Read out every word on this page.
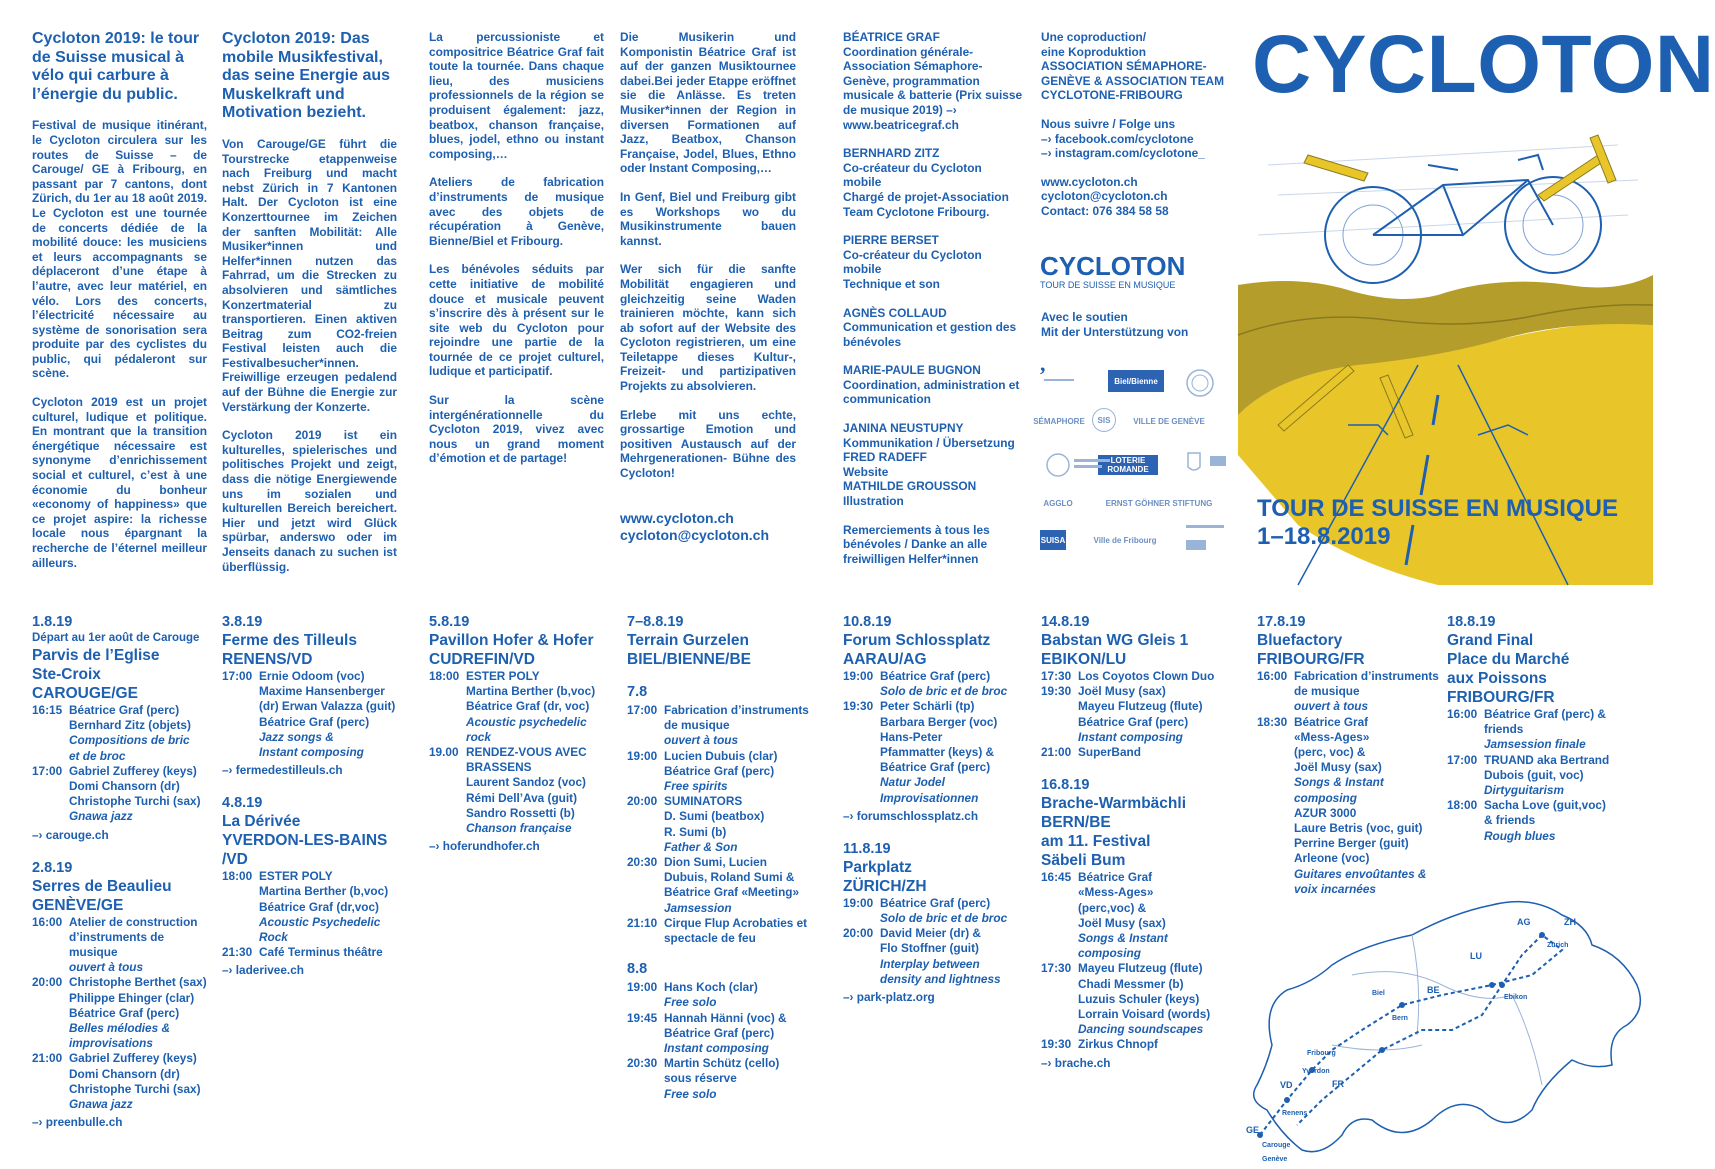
Cycloton 2019: le tour de Suisse musical à vélo qui carbure à l’énergie du public.
Festival de musique itinérant, le Cycloton circulera sur les routes de Suisse – de Carouge/ GE à Fribourg, en passant par 7 cantons, dont Zürich, du 1er au 18 août 2019. Le Cycloton est une tournée de concerts dédiée de la mobilité douce: les musiciens et leurs accompagnants se déplaceront d’une étape à l’autre, avec leur matériel, en vélo. Lors des concerts, l’électricité nécessaire au système de sonorisation sera produite par des cyclistes du public, qui pédaleront sur scène.
Cycloton 2019 est un projet culturel, ludique et politique. En montrant que la transition énergétique nécessaire est synonyme d’enrichissement social et culturel, c’est à une économie du bonheur «economy of happiness» que ce projet aspire: la richesse locale nous épargnant la recherche de l’éternel meilleur ailleurs.
Cycloton 2019: Das mobile Musikfestival, das seine Energie aus Muskelkraft und Motivation bezieht.
Von Carouge/GE führt die Tourstrecke etappenweise nach Freiburg und macht nebst Zürich in 7 Kantonen Halt. Der Cycloton ist eine Konzerttournee im Zeichen der sanften Mobilität: Alle Musiker*innen und Helfer*innen nutzen das Fahrrad, um die Strecken zu absolvieren und sämtliches Konzertmaterial zu transportieren. Einen aktiven Beitrag zum CO2-freien Festival leisten auch die Festivalbesucher*innen. Freiwillige erzeugen pedalend auf der Bühne die Energie zur Verstärkung der Konzerte.
Cycloton 2019 ist ein kulturelles, spielerisches und politisches Projekt und zeigt, dass die nötige Energiewende uns im sozialen und kulturellen Bereich bereichert. Hier und jetzt wird Glück spürbar, anderswo oder im Jenseits danach zu suchen ist überflüssig.
La percussioniste et compositrice Béatrice Graf fait toute la tournée. Dans chaque lieu, des musiciens professionnels de la région se produisent également: jazz, beatbox, chanson française, blues, jodel, ethno ou instant composing,…
Ateliers de fabrication d’instruments de musique avec des objets de récupération à Genève, Bienne/Biel et Fribourg.
Les bénévoles séduits par cette initiative de mobilité douce et musicale peuvent s’inscrire dès à présent sur le site web du Cycloton pour rejoindre une partie de la tournée de ce projet culturel, ludique et participatif.
Sur la scène intergénérationnelle du Cycloton 2019, vivez avec nous un grand moment d’émotion et de partage!
Die Musikerin und Komponistin Béatrice Graf ist auf der ganzen Musiktournee dabei.Bei jeder Etappe eröffnet sie die Anlässe. Es treten Musiker*innen der Region in diversen Formationen auf Jazz, Beatbox, Chanson Française, Jodel, Blues, Ethno oder Instant Composing,…
In Genf, Biel und Freiburg gibt es Workshops wo du Musikinstrumente bauen kannst.
Wer sich für die sanfte Mobilität engagieren und gleichzeitig seine Waden trainieren möchte, kann sich ab sofort auf der Website des Cycloton registrieren, um eine Teiletappe dieses Kultur-, Freizeit- und partizipativen Projekts zu absolvieren.
Erlebe mit uns echte, grossartige Emotion und positiven Austausch auf der Mehrgenerationen- Bühne des Cycloton!
www.cycloton.ch
cycloton@cycloton.ch
BÉATRICE GRAF
Coordination générale-Association Sémaphore-Genève, programmation musicale & batterie (Prix suisse de musique 2019) –› www.beatricegraf.ch
BERNHARD ZITZ
Co-créateur du Cycloton mobile
Chargé de projet-Association Team Cyclotone Fribourg.
PIERRE BERSET
Co-créateur du Cycloton mobile
Technique et son
AGNÈS COLLAUD
Communication et gestion des bénévoles
MARIE-PAULE BUGNON
Coordination, administration et communication
JANINA NEUSTUPNY
Kommunikation / Übersetzung
FRED RADEFF
Website
MATHILDE GROUSSON
Illustration
Remerciements à tous les bénévoles / Danke an alle freiwilligen Helfer*innen
Une coproduction/
eine Koproduktion
ASSOCIATION SÉMAPHORE-GENÈVE & ASSOCIATION TEAM CYCLOTONE-FRIBOURG
Nous suivre / Folge uns
–› facebook.com/cyclotone
–› instagram.com/cyclotone_
www.cycloton.ch
cycloton@cycloton.ch
Contact: 076 384 58 58
CYCLOTON
TOUR DE SUISSE EN MUSIQUE
Avec le soutien
Mit der Unterstützung von
Biel/Bienne
SÉMAPHORE	SIS	VILLE DE GENÈVE
LOTERIE ROMANDE
AGGLO	ERNST GÖHNER STIFTUNG
SUISA	Ville de Fribourg
,
CYCLOTON
TOUR DE SUISSE EN MUSIQUE
1–18.8.2019
1.8.19
Départ au 1er août de Carouge
Parvis de l’Eglise
Ste-Croix
CAROUGE/GE
16:15 Béatrice Graf (perc)
Bernhard Zitz (objets)
Compositions de bric
et de broc
17:00 Gabriel Zufferey (keys)
Domi Chansorn (dr)
Christophe Turchi (sax)
Gnawa jazz
–› carouge.ch
2.8.19
Serres de Beaulieu
GENÈVE/GE
16:00 Atelier de construction
d’instruments de musique
ouvert à tous
20:00 Christophe Berthet (sax)
Philippe Ehinger (clar)
Béatrice Graf (perc)
Belles mélodies &
improvisations
21:00 Gabriel Zufferey (keys)
Domi Chansorn (dr)
Christophe Turchi (sax)
Gnawa jazz
–› preenbulle.ch
3.8.19
Ferme des Tilleuls
RENENS/VD
17:00 Ernie Odoom (voc)
Maxime Hansenberger
(dr) Erwan Valazza (guit)
Béatrice Graf (perc)
Jazz songs &
Instant composing
–› fermedestilleuls.ch
4.8.19
La Dérivée
YVERDON-LES-BAINS
/VD
18:00 ESTER POLY
Martina Berther (b,voc)
Béatrice Graf (dr,voc)
Acoustic Psychedelic
Rock
21:30 Café Terminus théâtre
–› laderivee.ch
5.8.19
Pavillon Hofer & Hofer
CUDREFIN/VD
18:00 ESTER POLY
Martina Berther (b,voc)
Béatrice Graf (dr, voc)
Acoustic psychedelic rock
19.00 RENDEZ-VOUS AVEC
BRASSENS
Laurent Sandoz (voc)
Rémi Dell’Ava (guit)
Sandro Rossetti (b)
Chanson française
–› hoferundhofer.ch
7–8.8.19
Terrain Gurzelen
BIEL/BIENNE/BE
7.8
17:00 Fabrication d’instruments
de musique
ouvert à tous
19:00 Lucien Dubuis (clar)
Béatrice Graf (perc)
Free spirits
20:00 SUMINATORS
D. Sumi (beatbox)
R. Sumi (b)
Father & Son
20:30 Dion Sumi, Lucien
Dubuis, Roland Sumi &
Béatrice Graf «Meeting»
Jamsession
21:10 Cirque Flup Acrobaties et
spectacle de feu
8.8
19:00 Hans Koch (clar)
Free solo
19:45 Hannah Hänni (voc) &
Béatrice Graf (perc)
Instant composing
20:30 Martin Schütz (cello)
sous réserve
Free solo
10.8.19
Forum Schlossplatz
AARAU/AG
19:00 Béatrice Graf (perc)
Solo de bric et de broc
19:30 Peter Schärli (tp)
Barbara Berger (voc)
Hans-Peter
Pfammatter (keys) &
Béatrice Graf (perc)
Natur Jodel
Improvisationnen
–› forumschlossplatz.ch
11.8.19
Parkplatz
ZÜRICH/ZH
19:00 Béatrice Graf (perc)
Solo de bric et de broc
20:00 David Meier (dr) &
Flo Stoffner (guit)
Interplay between
density and lightness
–› park-platz.org
14.8.19
Babstan WG Gleis 1
EBIKON/LU
17:30 Los Coyotos Clown Duo
19:30 Joël Musy (sax)
Mayeu Flutzeug (flute)
Béatrice Graf (perc)
Instant composing
21:00 SuperBand
16.8.19
Brache-Warmbächli
BERN/BE
am 11. Festival
Säbeli Bum
16:45 Béatrice Graf
«Mess-Ages»
(perc,voc) &
Joël Musy (sax)
Songs & Instant
composing
17:30 Mayeu Flutzeug (flute)
Chadi Messmer (b)
Luzuis Schuler (keys)
Lorrain Voisard (words)
Dancing soundscapes
19:30 Zirkus Chnopf
–› brache.ch
17.8.19
Bluefactory
FRIBOURG/FR
16:00 Fabrication d’instruments de musique
ouvert à tous
18:30 Béatrice Graf
«Mess-Ages»
(perc, voc) &
Joël Musy (sax)
Songs & Instant
composing
AZUR 3000
Laure Betris (voc, guit)
Perrine Berger (guit)
Arleone (voc)
Guitares envoûtantes &
voix incarnées
18.8.19
Grand Final
Place du Marché
aux Poissons
FRIBOURG/FR
16:00 Béatrice Graf (perc) &
friends
Jamsession finale
17:00 TRUAND aka Bertrand
Dubois (guit, voc)
Dirtyguitarism
18:00 Sacha Love (guit,voc)
& friends
Rough blues
AG	ZH
Zürich
LU
Ebikon
BE
Bern
Biel
Fribourg
FR
VD
Yverdon
Renens
GE
Carouge
Genève
